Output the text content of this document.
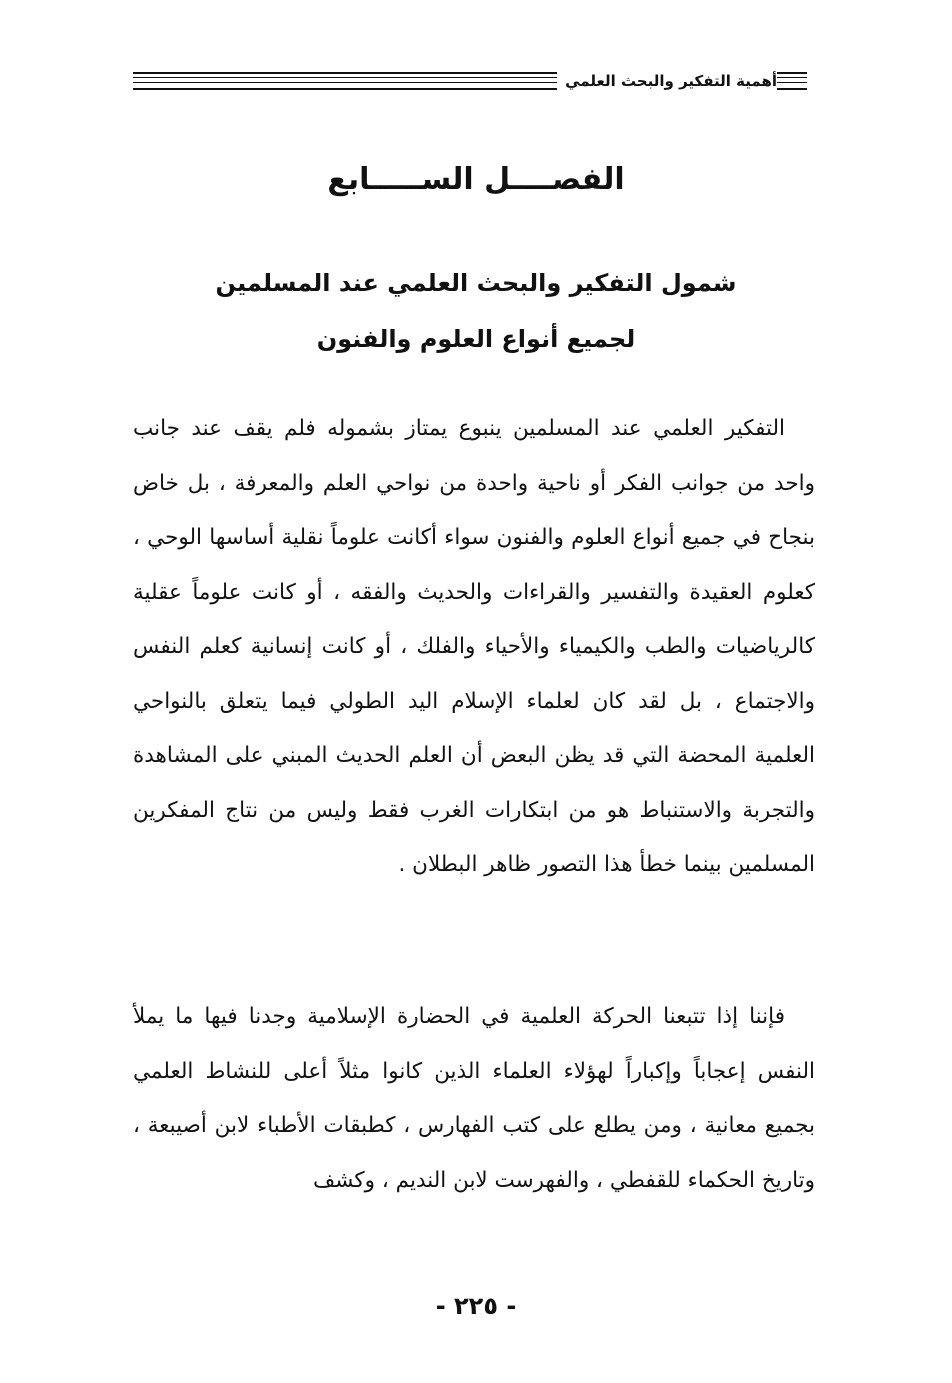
أهمية التفكير والبحث العلمي
الفصــــل الســـــابع
شمول التفكير والبحث العلمي عند المسلمين
لجميع أنواع العلوم والفنون

التفكير العلمي عند المسلمين ينبوع يمتاز بشموله فلم يقف عند جانب واحد من جوانب الفكر أو ناحية واحدة من نواحي العلم والمعرفة ، بل خاض بنجاح في جميع أنواع العلوم والفنون سواء أكانت علوماً نقلية أساسها الوحي ، كعلوم العقيدة والتفسير والقراءات والحديث والفقه ، أو كانت علوماً عقلية كالرياضيات والطب والكيمياء والأحياء والفلك ، أو كانت إنسانية كعلم النفس والاجتماع ، بل لقد كان لعلماء الإسلام اليد الطولي فيما يتعلق بالنواحي العلمية المحضة التي قد يظن البعض أن العلم الحديث المبني على المشاهدة والتجربة والاستنباط هو من ابتكارات الغرب فقط وليس من نتاج المفكرين المسلمين بينما خطأ هذا التصور ظاهر البطلان .

فإننا إذا تتبعنا الحركة العلمية في الحضارة الإسلامية وجدنا فيها ما يملأ النفس إعجاباً وإكباراً لهؤلاء العلماء الذين كانوا مثلاً أعلى للنشاط العلمي بجميع معانية ، ومن يطلع على كتب الفهارس ، كطبقات الأطباء لابن أصيبعة ، وتاريخ الحكماء للقفطي ، والفهرست لابن النديم ، وكشف

- ٢٢٥ -
